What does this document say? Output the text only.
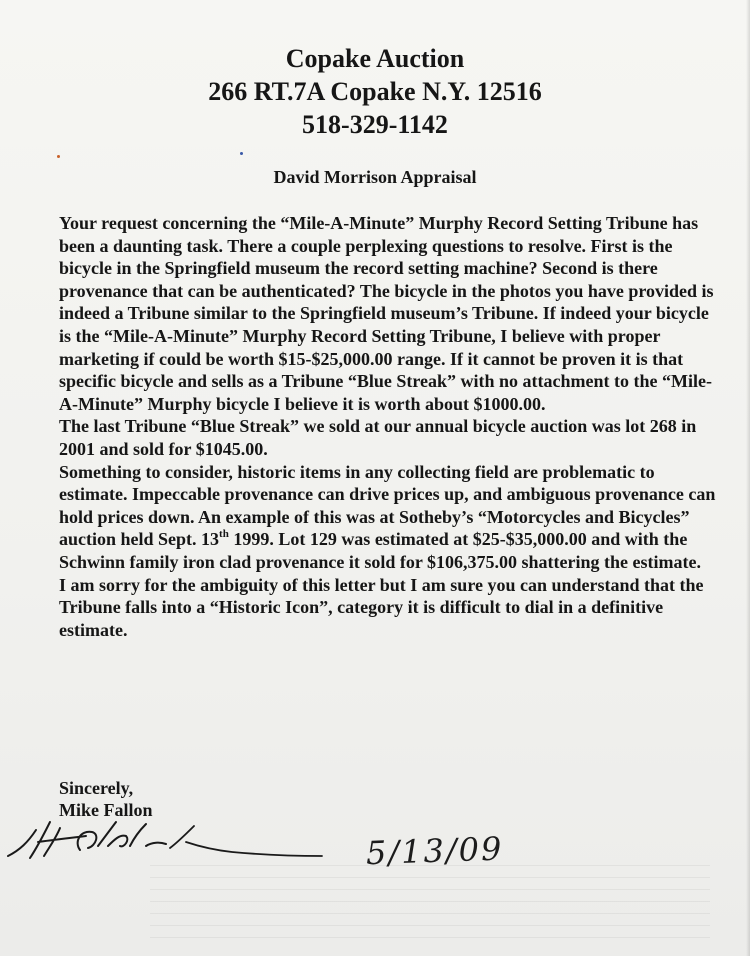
Copake Auction
266 RT.7A Copake N.Y. 12516
518-329-1142
David Morrison Appraisal

Your request concerning the “Mile-A-Minute” Murphy Record Setting Tribune has been a daunting task. There a couple perplexing questions to resolve. First is the bicycle in the Springfield museum the record setting machine? Second is there provenance that can be authenticated? The bicycle in the photos you have provided is indeed a Tribune similar to the Springfield museum’s Tribune. If indeed your bicycle is the “Mile-A-Minute” Murphy Record Setting Tribune, I believe with proper marketing if could be worth $15-$25,000.00 range. If it cannot be proven it is that specific bicycle and sells as a Tribune “Blue Streak” with no attachment to the “Mile-A-Minute” Murphy bicycle I believe it is worth about $1000.00.

The last Tribune “Blue Streak” we sold at our annual bicycle auction was lot 268 in 2001 and sold for $1045.00.

Something to consider, historic items in any collecting field are problematic to estimate. Impeccable provenance can drive prices up, and ambiguous provenance can hold prices down. An example of this was at Sotheby’s “Motorcycles and Bicycles” auction held Sept. 13th 1999. Lot 129 was estimated at $25-$35,000.00 and with the Schwinn family iron clad provenance it sold for $106,375.00 shattering the estimate.

I am sorry for the ambiguity of this letter but I am sure you can understand that the Tribune falls into a “Historic Icon”, category it is difficult to dial in a definitive estimate.

Sincerely,
Mike Fallon
5/13/09
